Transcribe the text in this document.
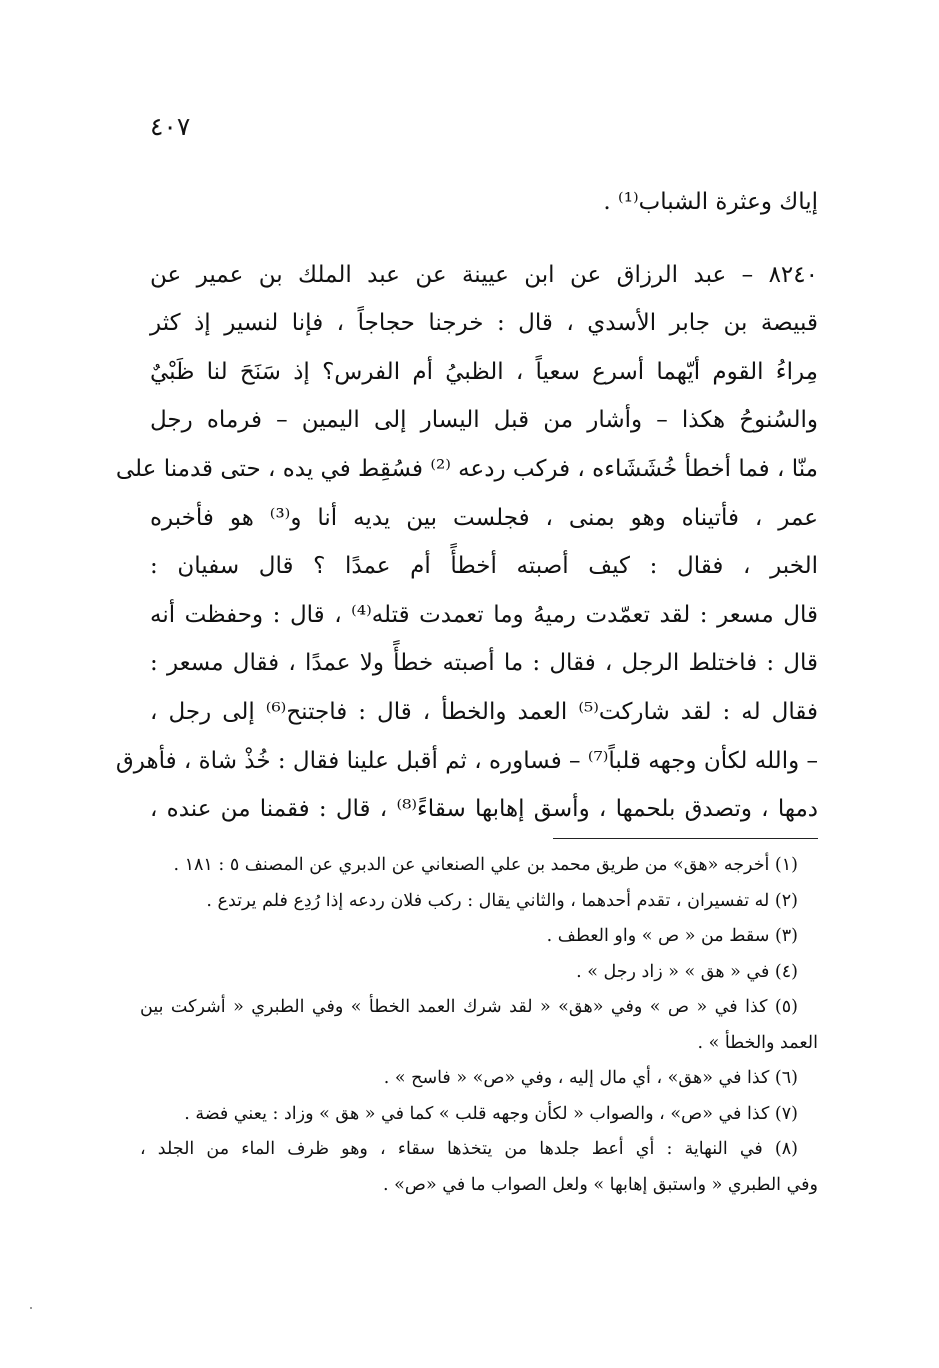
٤٠٧
إياك وعثرة الشباب⁽¹⁾ .
٨٢٤٠ – عبد الرزاق عن ابن عيينة عن عبد الملك بن عمير عن
قبيصة بن جابر الأسدي ، قال : خرجنا حجاجاً ، فإنا لنسير إذ كثر
مِراءُ القوم أيّهما أسرع سعياً ، الظبيُ أم الفرس؟ إذ سَنَحَ لنا ظَبْيٌ
والسُنوحُ هكذا – وأشار من قبل اليسار إلى اليمين – فرماه رجل
منّا ، فما أخطأ خُشَشَاءه ، فركب ردعه ⁽²⁾ فسُقِط في يده ، حتى قدمنا على
عمر ، فأتيناه وهو بمنى ، فجلست بين يديه أنا و⁽³⁾ هو فأخبره
الخبر ، فقال : كيف أصبته أخطأً أم عمدًا ؟ قال سفيان :
قال مسعر : لقد تعمّدت رميهُ وما تعمدت قتله⁽⁴⁾ ، قال : وحفظت أنه
قال : فاختلط الرجل ، فقال : ما أصبته خطأً ولا عمدًا ، فقال مسعر :
فقال له : لقد شاركت⁽⁵⁾ العمد والخطأ ، قال : فاجتنح⁽⁶⁾ إلى رجل ،
– والله لكأن وجهه قلباً⁽⁷⁾ – فساوره ، ثم أقبل علينا فقال : خُذْ شاة ، فأهرق
دمها ، وتصدق بلحمها ، وأسق إهابها سقاءً⁽⁸⁾ ، قال : فقمنا من عنده ،
(١) أخرجه «هق» من طريق محمد بن علي الصنعاني عن الدبري عن المصنف ٥ : ١٨١ .
(٢) له تفسيران ، تقدم أحدهما ، والثاني يقال : ركب فلان ردعه إذا رُدِع فلم يرتدع .
(٣) سقط من « ص » واو العطف .
(٤) في « هق » « زاد رجل » .
(٥) كذا في « ص » وفي «هق» « لقد شرك العمد الخطأ » وفي الطبري « أشركت بين
العمد والخطأ » .
(٦) كذا في «هق» ، أي مال إليه ، وفي «ص» « فاسح » .
(٧) كذا في «ص» ، والصواب « لكأن وجهه قلب » كما في « هق » وزاد : يعني فضة .
(٨) في النهاية : أي أعط جلدها من يتخذها سقاء ، وهو ظرف الماء من الجلد ،
وفي الطبري « واستبق إهابها » ولعل الصواب ما في «ص» .
